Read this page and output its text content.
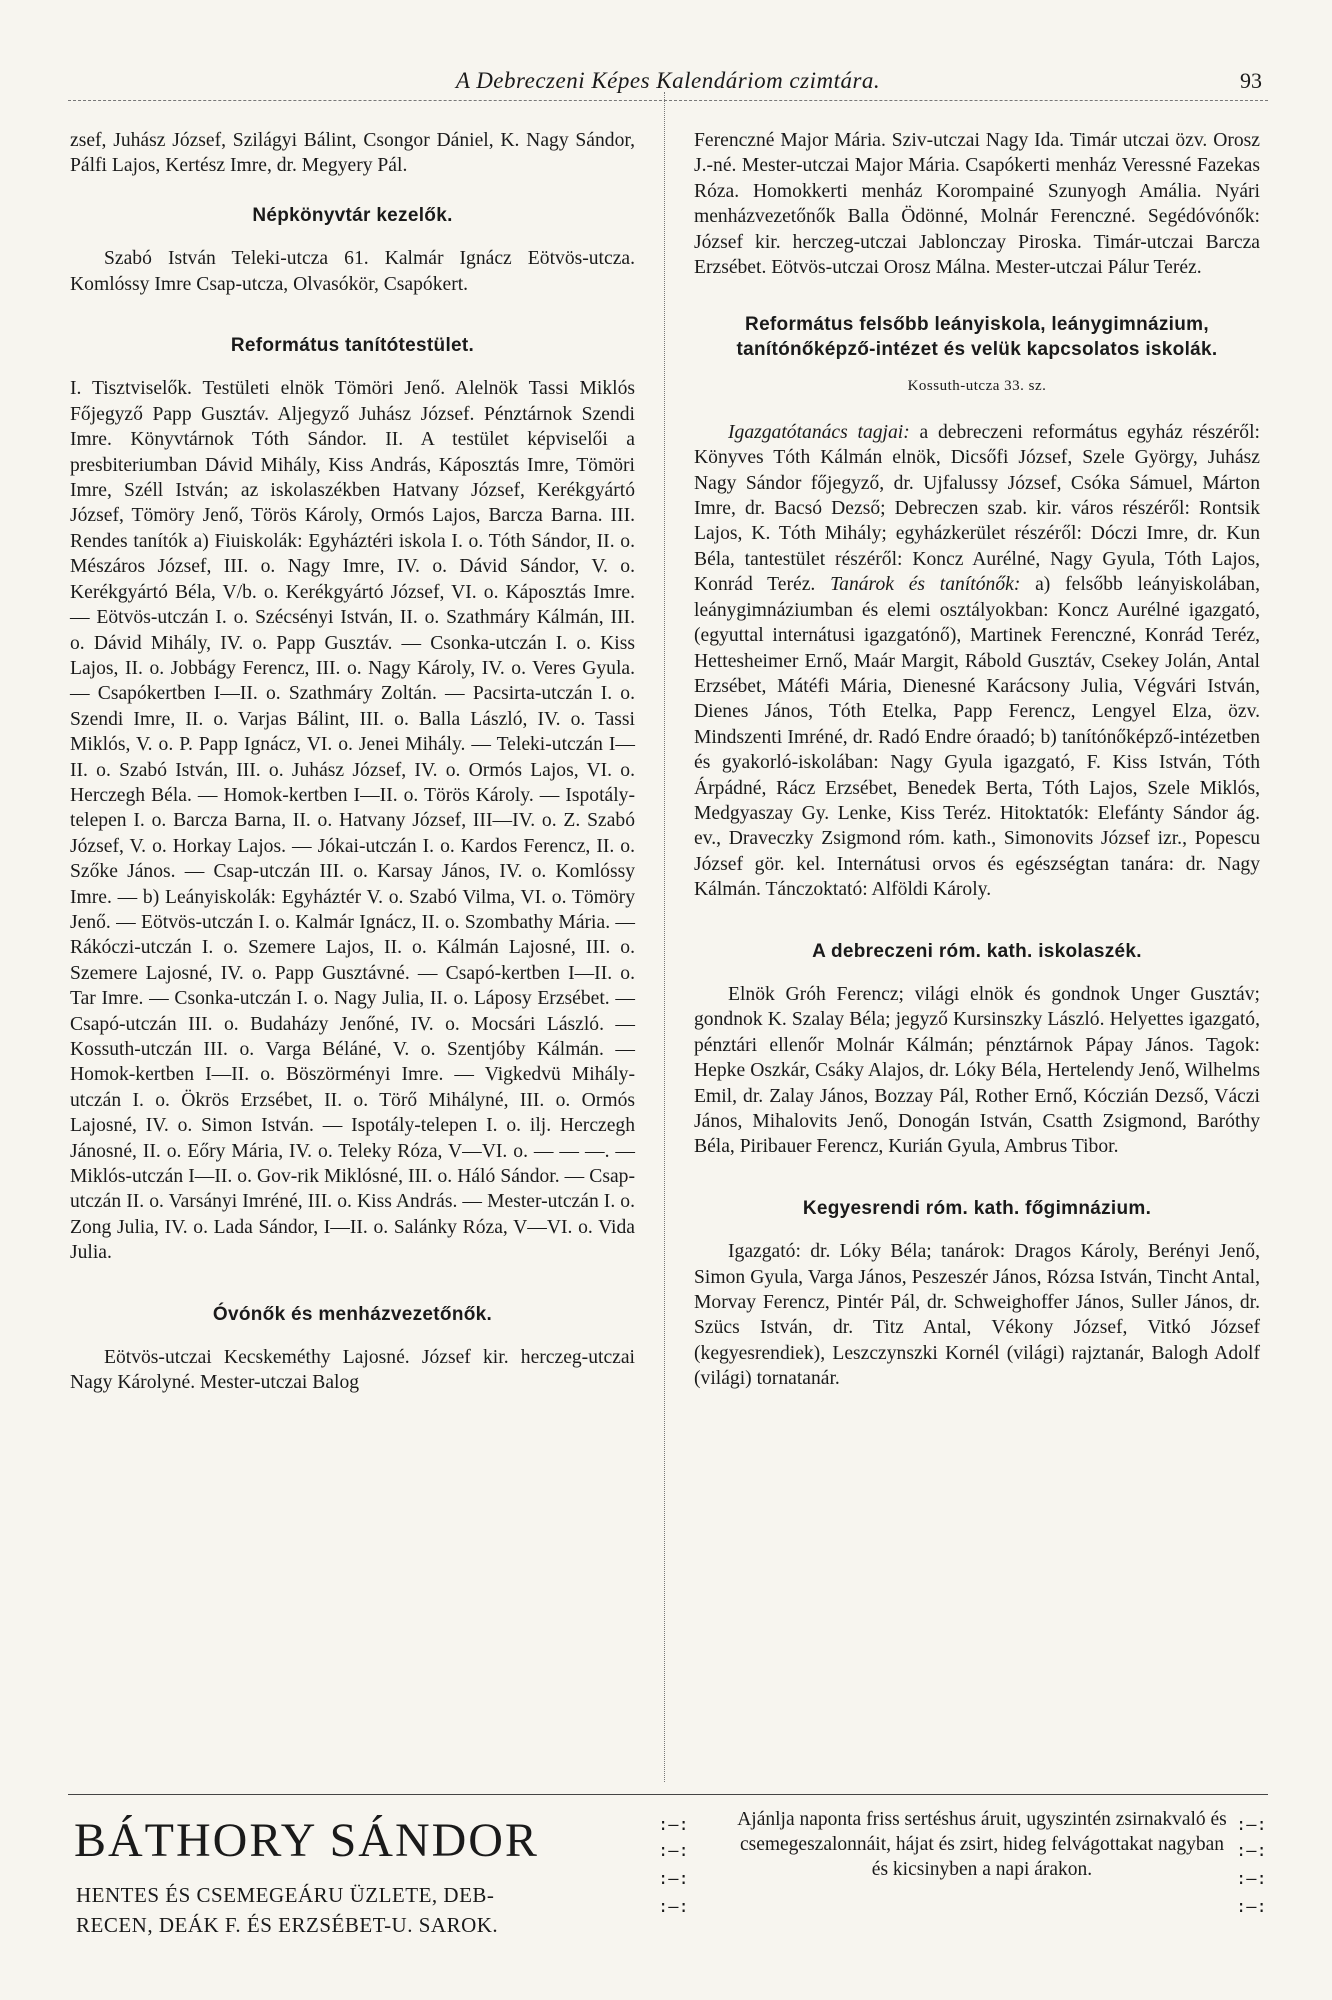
A Debreczeni Képes Kalendáriom czimtára.	93

zsef, Juhász József, Szilágyi Bálint, Csongor Dániel, K. Nagy Sándor, Pálfi Lajos, Kertész Imre, dr. Megyery Pál.

Népkönyvtár kezelők.

Szabó István Teleki-utcza 61. Kalmár Ignácz Eötvös-utcza. Komlóssy Imre Csap-utcza, Olvasókör, Csapókert.

Református tanítótestület.

I. Tisztviselők. Testületi elnök Tömöri Jenő. Alelnök Tassi Miklós Főjegyző Papp Gusztáv. Aljegyző Juhász József. Pénztárnok Szendi Imre. Könyvtárnok Tóth Sándor. II. A testület képviselői a presbiteriumban Dávid Mihály, Kiss András, Káposztás Imre, Tömöri Imre, Széll István; az iskolaszékben Hatvany József, Kerékgyártó József, Tömöry Jenő, Törös Károly, Ormós Lajos, Barcza Barna. III. Rendes tanítók a) Fiuiskolák: Egyháztéri iskola I. o. Tóth Sándor, II. o. Mészáros József, III. o. Nagy Imre, IV. o. Dávid Sándor, V. o. Kerékgyártó Béla, V/b. o. Kerékgyártó József, VI. o. Káposztás Imre. — Eötvös-utczán I. o. Szécsényi István, II. o. Szathmáry Kálmán, III. o. Dávid Mihály, IV. o. Papp Gusztáv. — Csonka-utczán I. o. Kiss Lajos, II. o. Jobbágy Ferencz, III. o. Nagy Károly, IV. o. Veres Gyula. — Csapókertben I—II. o. Szathmáry Zoltán. — Pacsirta-utczán I. o. Szendi Imre, II. o. Varjas Bálint, III. o. Balla László, IV. o. Tassi Miklós, V. o. P. Papp Ignácz, VI. o. Jenei Mihály. — Teleki-utczán I—II. o. Szabó István, III. o. Juhász József, IV. o. Ormós Lajos, VI. o. Herczegh Béla. — Homok-kertben I—II. o. Törös Károly. — Ispotály-telepen I. o. Barcza Barna, II. o. Hatvany József, III—IV. o. Z. Szabó József, V. o. Horkay Lajos. — Jókai-utczán I. o. Kardos Ferencz, II. o. Szőke János. — Csap-utczán III. o. Karsay János, IV. o. Komlóssy Imre. — b) Leányiskolák: Egyháztér V. o. Szabó Vilma, VI. o. Tömöry Jenő. — Eötvös-utczán I. o. Kalmár Ignácz, II. o. Szombathy Mária. — Rákóczi-utczán I. o. Szemere Lajos, II. o. Kálmán Lajosné, III. o. Szemere Lajosné, IV. o. Papp Gusztávné. — Csapó-kertben I—II. o. Tar Imre. — Csonka-utczán I. o. Nagy Julia, II. o. Láposy Erzsébet. — Csapó-utczán III. o. Budaházy Jenőné, IV. o. Mocsári László. — Kossuth-utczán III. o. Varga Béláné, V. o. Szentjóby Kálmán. — Homok-kertben I—II. o. Böszörményi Imre. — Vigkedvü Mihály-utczán I. o. Ökrös Erzsébet, II. o. Törő Mihályné, III. o. Ormós Lajosné, IV. o. Simon István. — Ispotály-telepen I. o. ilj. Herczegh Jánosné, II. o. Eőry Mária, IV. o. Teleky Róza, V—VI. o. — — —. — Miklós-utczán I—II. o. Gov-rik Miklósné, III. o. Háló Sándor. — Csap-utczán II. o. Varsányi Imréné, III. o. Kiss András. — Mester-utczán I. o. Zong Julia, IV. o. Lada Sándor, I—II. o. Salánky Róza, V—VI. o. Vida Julia.

Óvónők és menházvezetőnők.

Eötvös-utczai Kecskeméthy Lajosné. József kir. herczeg-utczai Nagy Károlyné. Mester-utczai Balog

Ferenczné Major Mária. Sziv-utczai Nagy Ida. Timár utczai özv. Orosz J.-né. Mester-utczai Major Mária. Csapókerti menház Veressné Fazekas Róza. Homokkerti menház Korompainé Szunyogh Amália. Nyári menházvezetőnők Balla Ödönné, Molnár Ferenczné. Segédóvónők: József kir. herczeg-utczai Jablonczay Piroska. Timár-utczai Barcza Erzsébet. Eötvös-utczai Orosz Málna. Mester-utczai Pálur Teréz.

Református felsőbb leányiskola, leánygimnázium,
tanítónőképző-intézet és velük kapcsolatos iskolák.
Kossuth-utcza 33. sz.

Igazgatótanács tagjai: a debreczeni református egyház részéről: Könyves Tóth Kálmán elnök, Dicsőfi József, Szele György, Juhász Nagy Sándor főjegyző, dr. Ujfalussy József, Csóka Sámuel, Márton Imre, dr. Bacsó Dezső; Debreczen szab. kir. város részéről: Rontsik Lajos, K. Tóth Mihály; egyházkerület részéről: Dóczi Imre, dr. Kun Béla, tantestület részéről: Koncz Aurélné, Nagy Gyula, Tóth Lajos, Konrád Teréz. Tanárok és tanítónők: a) felsőbb leányiskolában, leánygimnáziumban és elemi osztályokban: Koncz Aurélné igazgató, (egyuttal internátusi igazgatónő), Martinek Ferenczné, Konrád Teréz, Hettesheimer Ernő, Maár Margit, Rábold Gusztáv, Csekey Jolán, Antal Erzsébet, Mátéfi Mária, Dienesné Karácsony Julia, Végvári István, Dienes János, Tóth Etelka, Papp Ferencz, Lengyel Elza, özv. Mindszenti Imréné, dr. Radó Endre óraadó; b) tanítónőképző-intézetben és gyakorló-iskolában: Nagy Gyula igazgató, F. Kiss István, Tóth Árpádné, Rácz Erzsébet, Benedek Berta, Tóth Lajos, Szele Miklós, Medgyaszay Gy. Lenke, Kiss Teréz. Hitoktatók: Elefánty Sándor ág. ev., Draveczky Zsigmond róm. kath., Simonovits József izr., Popescu József gör. kel. Internátusi orvos és egészségtan tanára: dr. Nagy Kálmán. Tánczoktató: Alföldi Károly.

A debreczeni róm. kath. iskolaszék.

Elnök Gróh Ferencz; világi elnök és gondnok Unger Gusztáv; gondnok K. Szalay Béla; jegyző Kursinszky László. Helyettes igazgató, pénztári ellenőr Molnár Kálmán; pénztárnok Pápay János. Tagok: Hepke Oszkár, Csáky Alajos, dr. Lóky Béla, Hertelendy Jenő, Wilhelms Emil, dr. Zalay János, Bozzay Pál, Rother Ernő, Kóczián Dezső, Váczi János, Mihalovits Jenő, Donogán István, Csatth Zsigmond, Baróthy Béla, Piribauer Ferencz, Kurián Gyula, Ambrus Tibor.

Kegyesrendi róm. kath. főgimnázium.

Igazgató: dr. Lóky Béla; tanárok: Dragos Károly, Berényi Jenő, Simon Gyula, Varga János, Peszeszér János, Rózsa István, Tincht Antal, Morvay Ferencz, Pintér Pál, dr. Schweighoffer János, Suller János, dr. Szücs István, dr. Titz Antal, Vékony József, Vitkó József (kegyesrendiek), Leszczynszki Kornél (világi) rajztanár, Balogh Adolf (világi) tornatanár.

BÁTHORY SÁNDOR
HENTES ÉS CSEMEGEÁRU ÜZLETE, DEB-
RECEN, DEÁK F. ÉS ERZSÉBET-U. SAROK.
:—:
:—:
:—:
:—:
:—:
:—:
:—:
:—:
Ajánlja naponta friss sertéshus áruit, ugyszintén zsirnakvaló és csemegeszalonnáit, hájat és zsirt, hideg felvágottakat nagyban és kicsinyben a napi árakon.
